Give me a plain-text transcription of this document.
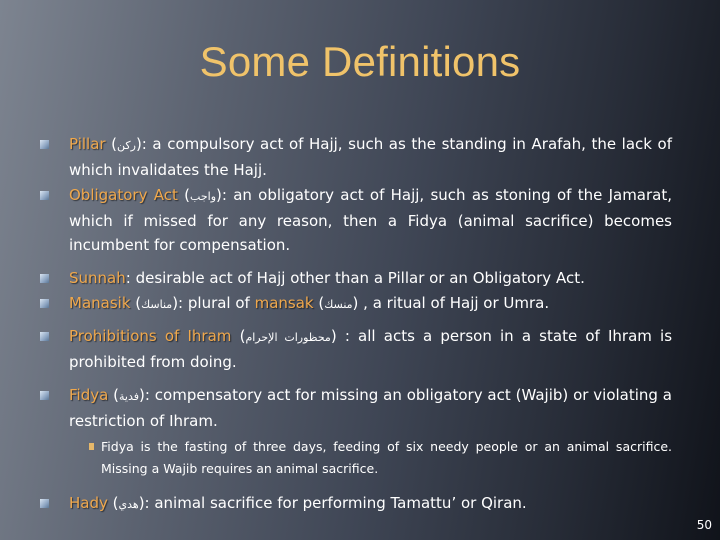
Some Definitions
Pillar (ركن): a compulsory act of Hajj, such as the standing in Arafah, the lack of which invalidates the Hajj.
Obligatory Act (واجب): an obligatory act of Hajj, such as stoning of the Jamarat, which if missed for any reason, then a Fidya (animal sacrifice) becomes incumbent for compensation.
Sunnah: desirable act of Hajj other than a Pillar or an Obligatory Act.
Manasik (مناسك): plural of mansak (منسك) , a ritual of Hajj or Umra.
Prohibitions of Ihram (محظورات الإحرام) : all acts a person in a state of Ihram is prohibited from doing.
Fidya (فدية): compensatory act for missing an obligatory act (Wajib) or violating a restriction of Ihram.
Fidya is the fasting of three days, feeding of six needy people or an animal sacrifice. Missing a Wajib requires an animal sacrifice.
Hady (هدي): animal sacrifice for performing Tamattu’ or Qiran.
50
